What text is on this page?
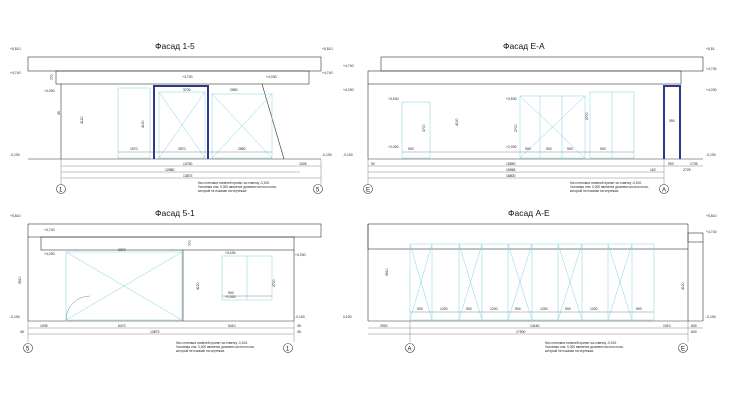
Фасад 1-5
+5,510
+4,740
+4,030
-0,100
+5,510
+4,740
-0,100
+3,700
3700
+4,030
2850
4120
4120
770
45
1970	2870	2850
13780	1005
12880
13873
1	5
Низ стеновых панелей принят за отметку -0,100. Условная отм. 0,000 является уровнем чистого пола, который не показан на чертежах.
Фасад Е-А
+4,740
+4,030
-0,100
+5,51
+4,740
+4,030
-0,100
+3,530	+3,530
+2,000	+2,000
3700
4120
2700
2700
950
900	900	900	900	900
50	15850	900	1705
15965	162	2725
18800
Е	А
Низ стеновых панелей принят за отметку -0,100. Условная отм. 0,000 является уровнем чистого пола, который не показан на чертежах.
Фасад 5-1
+5,510
+4,740
+4,030
-0,100
+4,030
-0,100
+3,430
+2,000
3370
5610
4120
770
2700
900
1005	6470	5410	45
45	13873	45
5	1
Низ стеновых панелей принят за отметку -0,100. Условная отм. 0,000 является уровнем чистого пола, который не показан на чертежах.
Фасад А-Е
0,100
+5,510
+4,740
-0,100
5610
4120
900	1200	900	1200	900	1200	900	1200	900
2900	13150	1010	840
17900	840
А	Е
Низ стеновых панелей принят за отметку -0,100. Условная отм. 0,000 является уровнем чистого пола, который не показан на чертежах.
